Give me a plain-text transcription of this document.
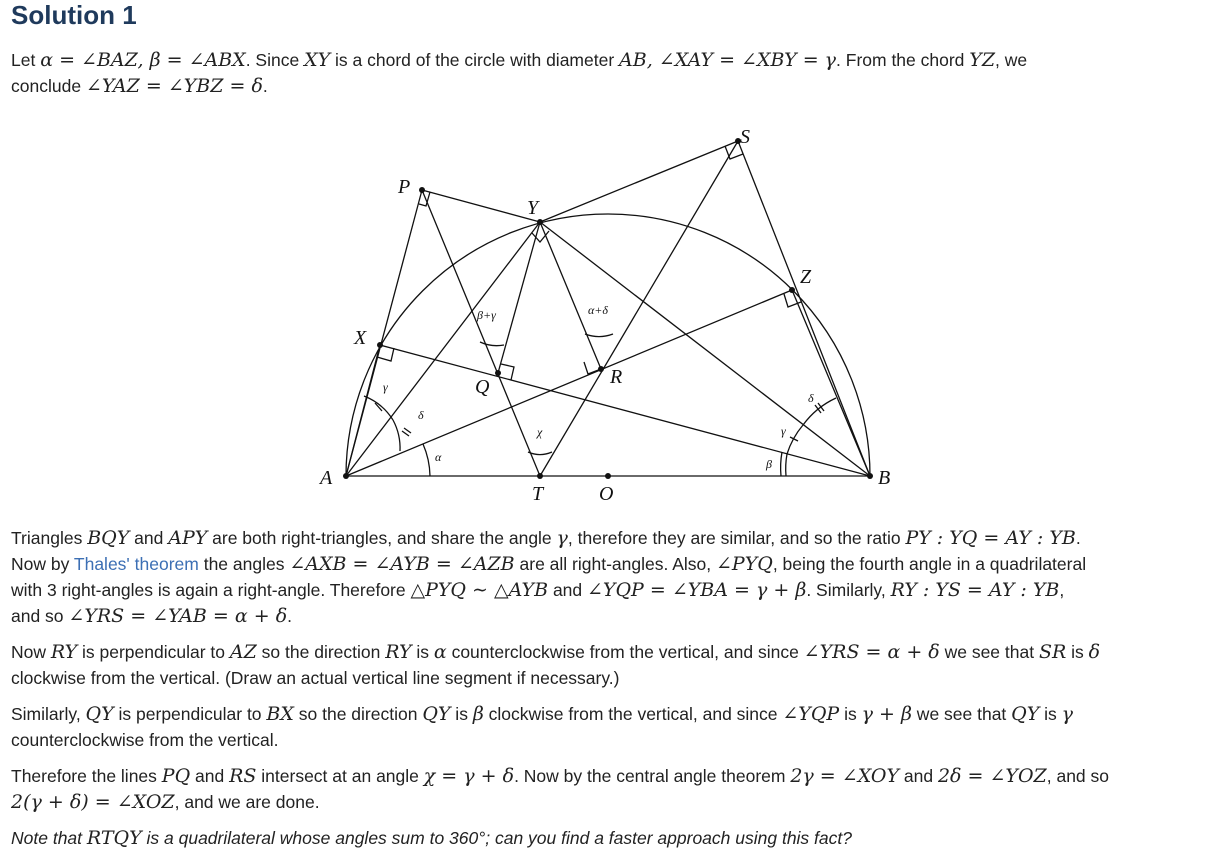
Solution 1

Let α = ∠BAZ, β = ∠ABX. Since XY is a chord of the circle with diameter AB, ∠XAY = ∠XBY = γ. From the chord YZ, we

conclude ∠YAZ = ∠YBZ = δ.

A	B
O
T
X
Y
Z
P
Q	R
S
β+γ	α+δ
χ
γ
δ
α	β
γ
δ

Triangles BQY and APY are both right-triangles, and share the angle γ, therefore they are similar, and so the ratio PY : YQ = AY : YB.

Now by Thales' theorem the angles ∠AXB = ∠AYB = ∠AZB are all right-angles. Also, ∠PYQ, being the fourth angle in a quadrilateral

with 3 right-angles is again a right-angle. Therefore △PYQ ∼ △AYB and ∠YQP = ∠YBA = γ + β. Similarly, RY : YS = AY : YB,

and so ∠YRS = ∠YAB = α + δ.

Now RY is perpendicular to AZ so the direction RY is α counterclockwise from the vertical, and since ∠YRS = α + δ we see that SR is δ

clockwise from the vertical. (Draw an actual vertical line segment if necessary.)

Similarly, QY is perpendicular to BX so the direction QY is β clockwise from the vertical, and since ∠YQP is γ + β we see that QY is γ

counterclockwise from the vertical.

Therefore the lines PQ and RS intersect at an angle χ = γ + δ. Now by the central angle theorem 2γ = ∠XOY and 2δ = ∠YOZ, and so

2(γ + δ) = ∠XOZ, and we are done.

Note that RTQY is a quadrilateral whose angles sum to 360°; can you find a faster approach using this fact?
